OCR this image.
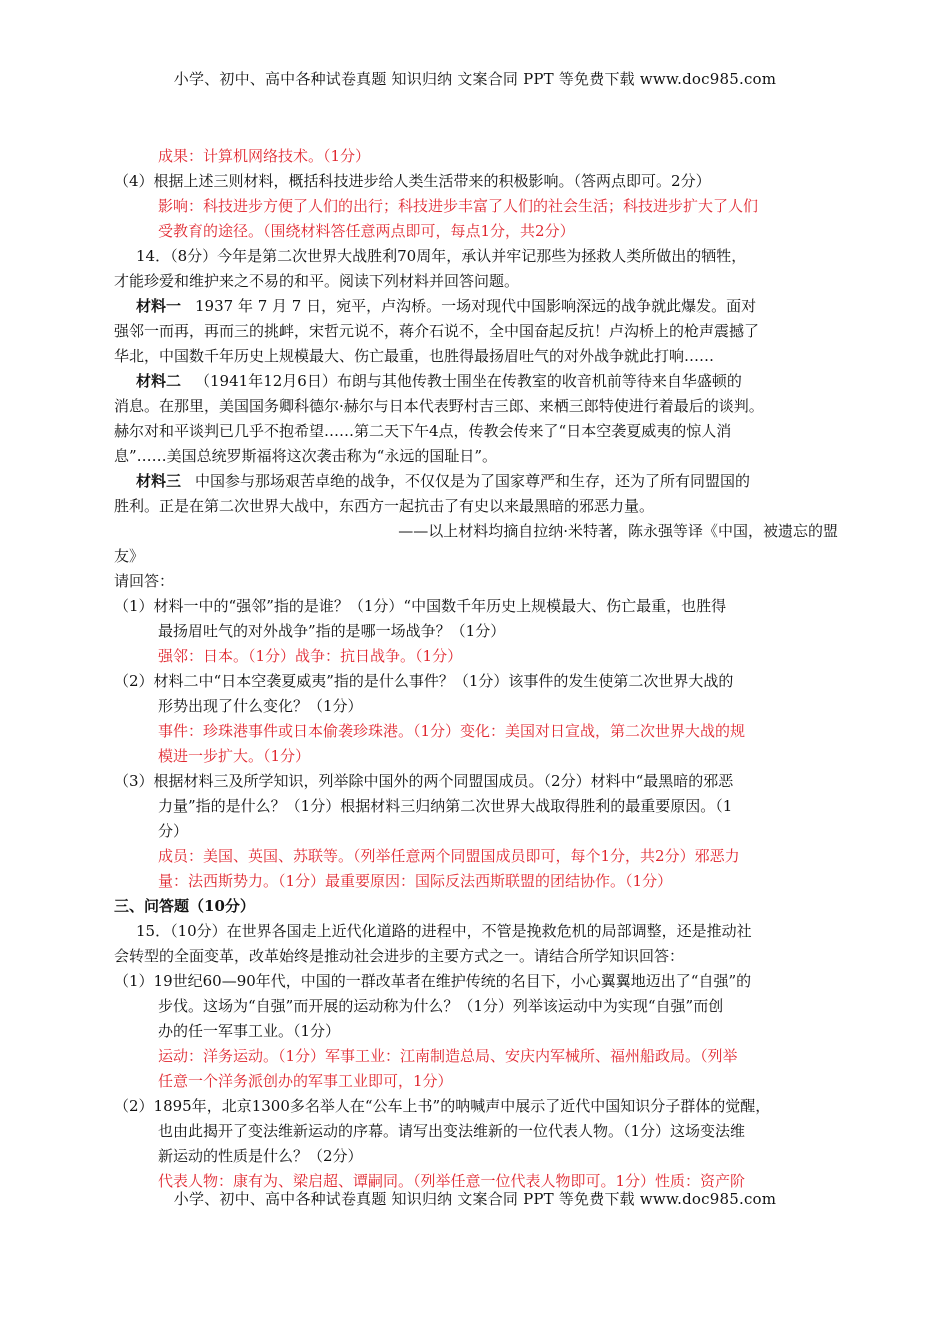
小学、初中、高中各种试卷真题 知识归纳 文案合同 PPT 等免费下载 www.doc985.com
成果：计算机网络技术。（1分）
（4）根据上述三则材料，概括科技进步给人类生活带来的积极影响。（答两点即可。2分）
影响：科技进步方便了人们的出行；科技进步丰富了人们的社会生活；科技进步扩大了人们
受教育的途径。（围绕材料答任意两点即可，每点1分，共2分）
14．（8分）今年是第二次世界大战胜利70周年，承认并牢记那些为拯救人类所做出的牺牲，
才能珍爱和维护来之不易的和平。阅读下列材料并回答问题。
材料一 1937 年 7 月 7 日，宛平，卢沟桥。一场对现代中国影响深远的战争就此爆发。面对
强邻一而再，再而三的挑衅，宋哲元说不，蒋介石说不，全中国奋起反抗！卢沟桥上的枪声震撼了
华北，中国数千年历史上规模最大、伤亡最重，也胜得最扬眉吐气的对外战争就此打响……
材料二 （1941年12月6日）布朗与其他传教士围坐在传教室的收音机前等待来自华盛顿的
消息。在那里，美国国务卿科德尔·赫尔与日本代表野村吉三郎、来栖三郎特使进行着最后的谈判。
赫尔对和平谈判已几乎不抱希望……第二天下午4点，传教会传来了“日本空袭夏威夷的惊人消
息”……美国总统罗斯福将这次袭击称为“永远的国耻日”。
材料三 中国参与那场艰苦卓绝的战争，不仅仅是为了国家尊严和生存，还为了所有同盟国的
胜利。正是在第二次世界大战中，东西方一起抗击了有史以来最黑暗的邪恶力量。
——以上材料均摘自拉纳·米特著，陈永强等译《中国，被遗忘的盟
友》
请回答：
（1）材料一中的“强邻”指的是谁？（1分）“中国数千年历史上规模最大、伤亡最重，也胜得
最扬眉吐气的对外战争”指的是哪一场战争？（1分）
强邻：日本。（1分）战争：抗日战争。（1分）
（2）材料二中“日本空袭夏威夷”指的是什么事件？（1分）该事件的发生使第二次世界大战的
形势出现了什么变化？（1分）
事件：珍珠港事件或日本偷袭珍珠港。（1分）变化：美国对日宣战，第二次世界大战的规
模进一步扩大。（1分）
（3）根据材料三及所学知识，列举除中国外的两个同盟国成员。（2分）材料中“最黑暗的邪恶
力量”指的是什么？（1分）根据材料三归纳第二次世界大战取得胜利的最重要原因。（1
分）
成员：美国、英国、苏联等。（列举任意两个同盟国成员即可，每个1分，共2分）邪恶力
量：法西斯势力。（1分）最重要原因：国际反法西斯联盟的团结协作。（1分）
三、问答题（10分）
15．（10分）在世界各国走上近代化道路的进程中，不管是挽救危机的局部调整，还是推动社
会转型的全面变革，改革始终是推动社会进步的主要方式之一。请结合所学知识回答：
（1）19世纪60—90年代，中国的一群改革者在维护传统的名目下，小心翼翼地迈出了“自强”的
步伐。这场为“自强”而开展的运动称为什么？（1分）列举该运动中为实现“自强”而创
办的任一军事工业。（1分）
运动：洋务运动。（1分）军事工业：江南制造总局、安庆内军械所、福州船政局。（列举
任意一个洋务派创办的军事工业即可，1分）
（2）1895年，北京1300多名举人在“公车上书”的呐喊声中展示了近代中国知识分子群体的觉醒，
也由此揭开了变法维新运动的序幕。请写出变法维新的一位代表人物。（1分）这场变法维
新运动的性质是什么？（2分）
代表人物：康有为、梁启超、谭嗣同。（列举任意一位代表人物即可。1分）性质：资产阶
小学、初中、高中各种试卷真题 知识归纳 文案合同 PPT 等免费下载 www.doc985.com
